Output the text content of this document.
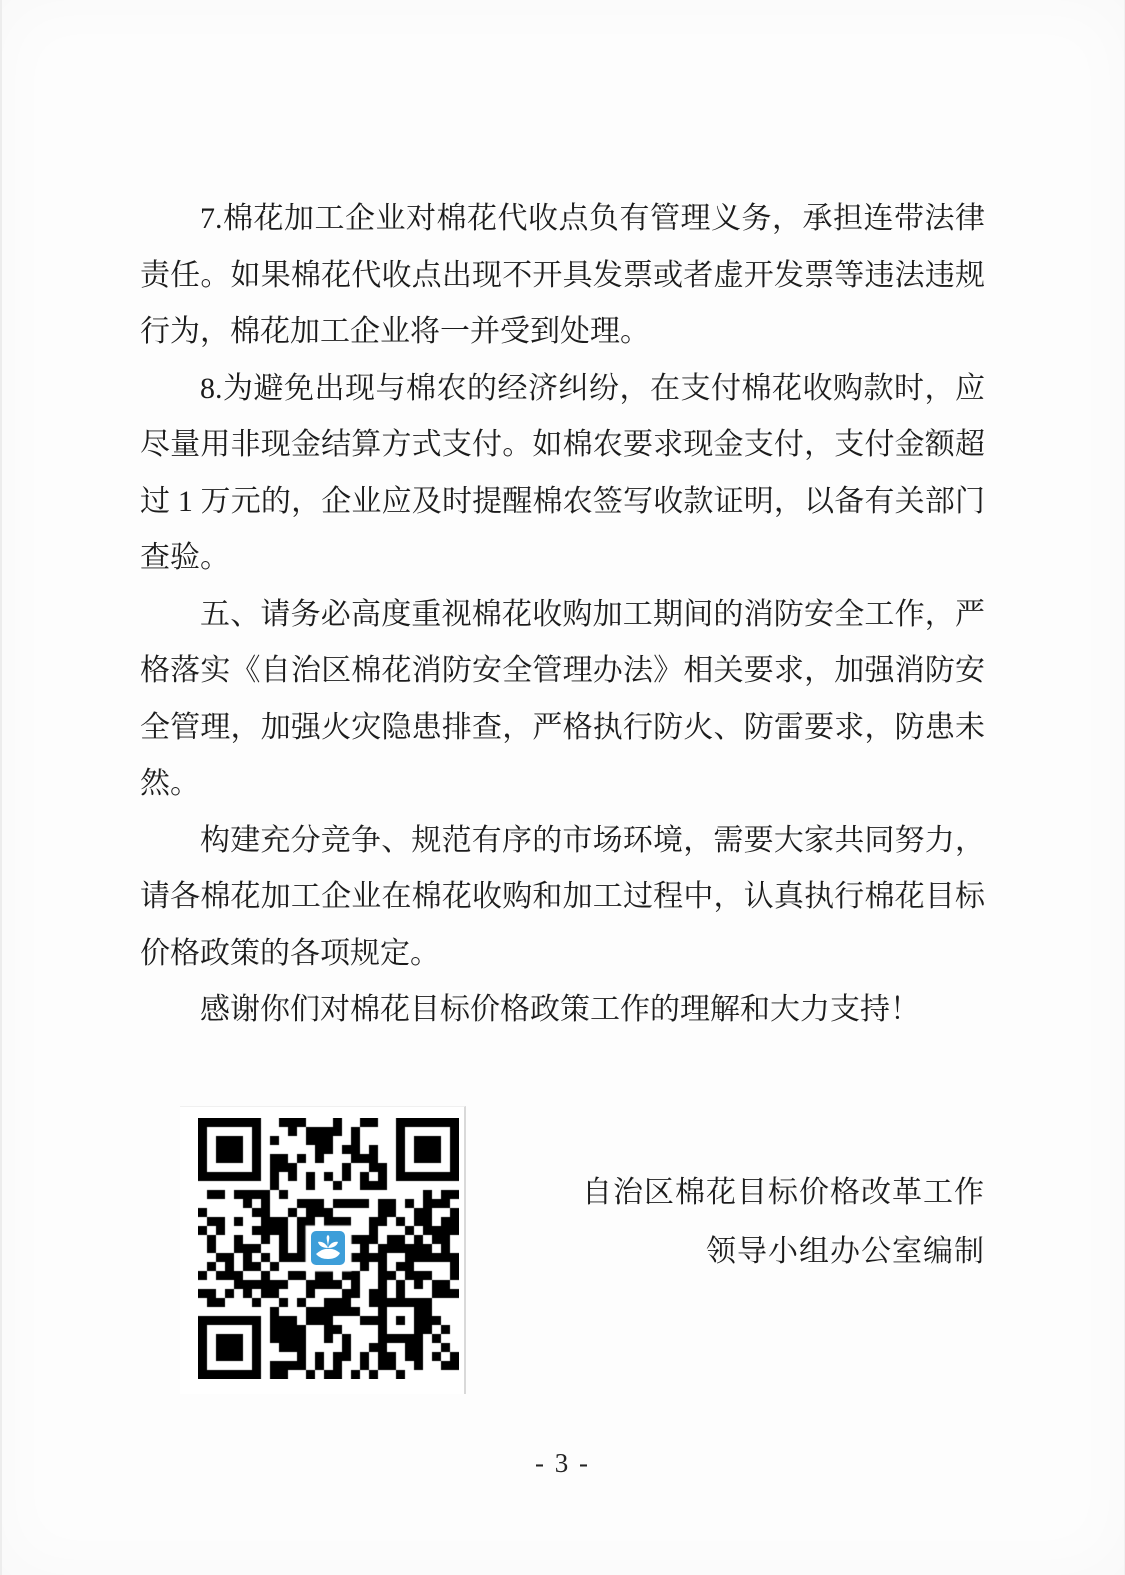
7.棉花加工企业对棉花代收点负有管理义务，承担连带法律
责任。如果棉花代收点出现不开具发票或者虚开发票等违法违规
行为，棉花加工企业将一并受到处理。
8.为避免出现与棉农的经济纠纷，在支付棉花收购款时，应
尽量用非现金结算方式支付。如棉农要求现金支付，支付金额超
过 1 万元的，企业应及时提醒棉农签写收款证明，以备有关部门
查验。
五、请务必高度重视棉花收购加工期间的消防安全工作，严
格落实《自治区棉花消防安全管理办法》相关要求，加强消防安
全管理，加强火灾隐患排查，严格执行防火、防雷要求，防患未
然。
构建充分竞争、规范有序的市场环境，需要大家共同努力，
请各棉花加工企业在棉花收购和加工过程中，认真执行棉花目标
价格政策的各项规定。
感谢你们对棉花目标价格政策工作的理解和大力支持！
自治区棉花目标价格改革工作
领导小组办公室编制
- 3 -
